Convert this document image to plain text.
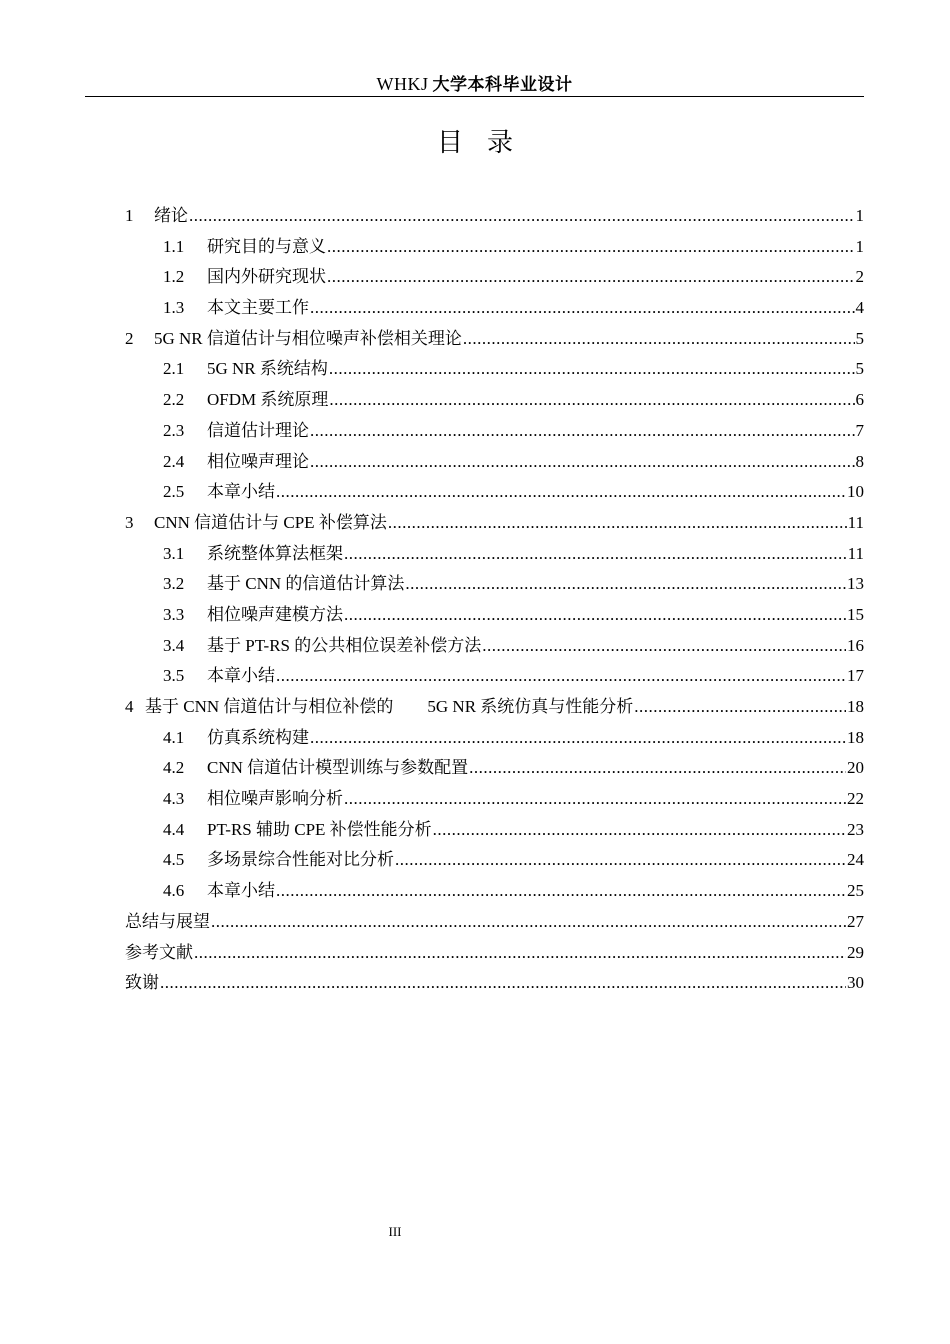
WHKJ 大学本科毕业设计
目录
1	绪论 .....	1
1.1	研究目的与意义 .....	1
1.2	国内外研究现状 .....	2
1.3	本文主要工作 .....	4
2	5G NR 信道估计与相位噪声补偿相关理论 .....	5
2.1	5G NR 系统结构 .....	5
2.2	OFDM 系统原理 .....	6
2.3	信道估计理论 .....	7
2.4	相位噪声理论 .....	8
2.5	本章小结 .....	10
3	CNN 信道估计与 CPE 补偿算法 .....	11
3.1	系统整体算法框架 .....	11
3.2	基于 CNN 的信道估计算法 .....	13
3.3	相位噪声建模方法 .....	15
3.4	基于 PT-RS 的公共相位误差补偿方法 .....	16
3.5	本章小结 .....	17
4 基于 CNN 信道估计与相位补偿的        5G NR 系统仿真与性能分析 .....	18
4.1	仿真系统构建 .....	18
4.2	CNN 信道估计模型训练与参数配置 .....	20
4.3	相位噪声影响分析 .....	22
4.4	PT-RS 辅助 CPE 补偿性能分析 .....	23
4.5	多场景综合性能对比分析 .....	24
4.6	本章小结 .....	25
总结与展望 .....	27
参考文献 .....	29
致谢 .....	30
III
